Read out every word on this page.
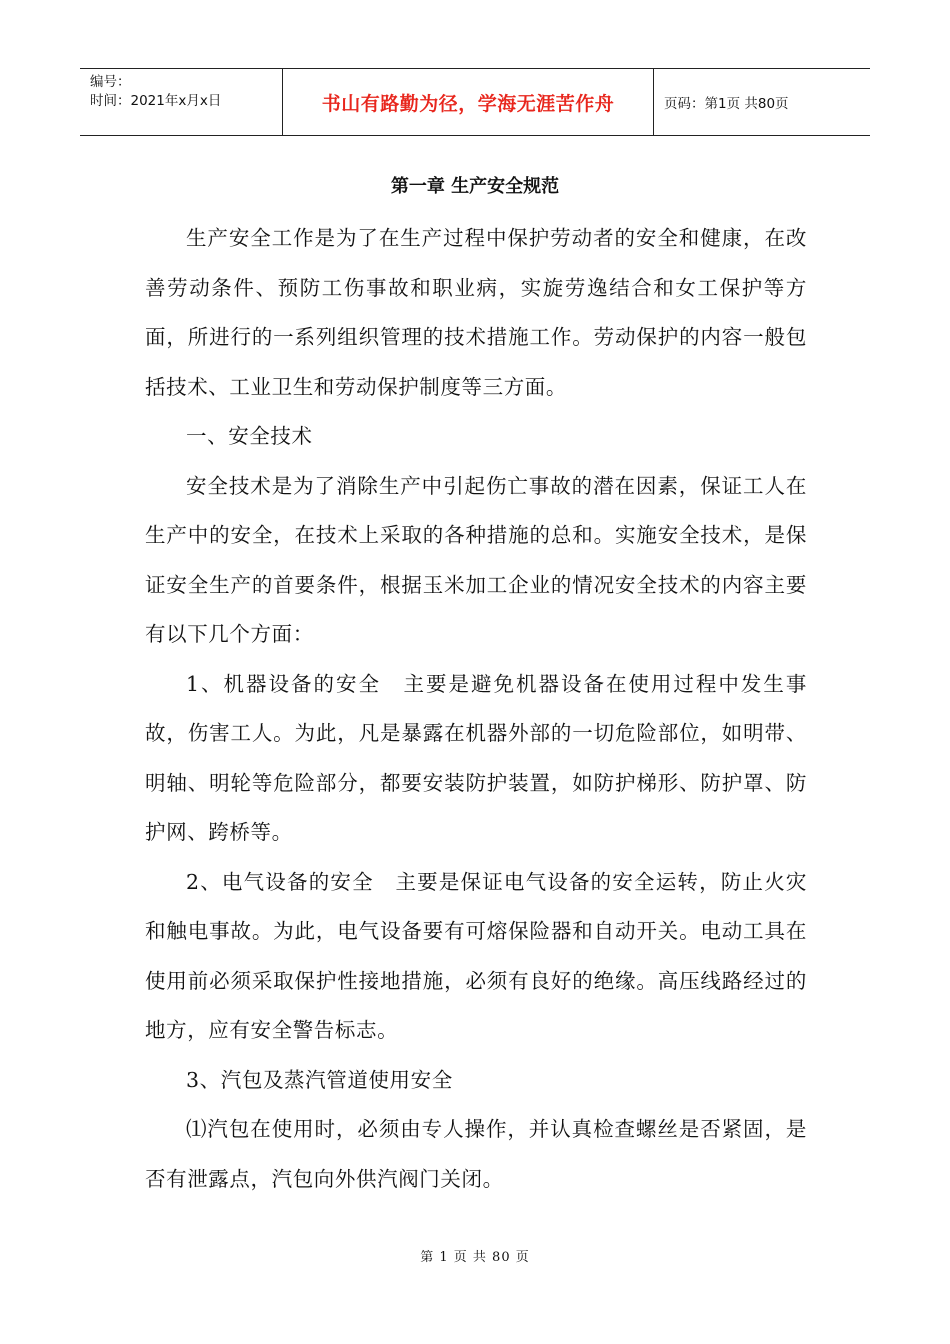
编号：
时间：2021年x月x日	书山有路勤为径，学海无涯苦作舟	页码：第1页 共80页
第一章 生产安全规范

生产安全工作是为了在生产过程中保护劳动者的安全和健康，在改善劳动条件、预防工伤事故和职业病，实旋劳逸结合和女工保护等方面，所进行的一系列组织管理的技术措施工作。劳动保护的内容一般包括技术、工业卫生和劳动保护制度等三方面。

一、安全技术

安全技术是为了消除生产中引起伤亡事故的潜在因素，保证工人在生产中的安全，在技术上采取的各种措施的总和。实施安全技术，是保证安全生产的首要条件，根据玉米加工企业的情况安全技术的内容主要有以下几个方面：

1、机器设备的安全　主要是避免机器设备在使用过程中发生事故，伤害工人。为此，凡是暴露在机器外部的一切危险部位，如明带、明轴、明轮等危险部分，都要安装防护装置，如防护梯形、防护罩、防护网、跨桥等。

2、电气设备的安全　主要是保证电气设备的安全运转，防止火灾和触电事故。为此，电气设备要有可熔保险器和自动开关。电动工具在使用前必须采取保护性接地措施，必须有良好的绝缘。高压线路经过的地方，应有安全警告标志。

3、汽包及蒸汽管道使用安全

⑴汽包在使用时，必须由专人操作，并认真检查螺丝是否紧固，是否有泄露点，汽包向外供汽阀门关闭。

第 1 页 共 80 页
